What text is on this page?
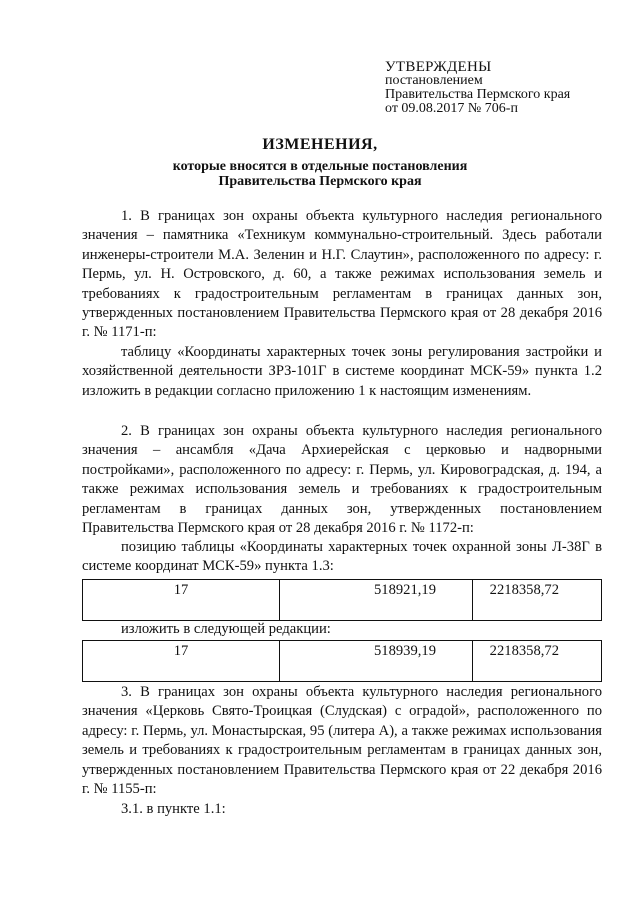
УТВЕРЖДЕНЫ
постановлением
Правительства Пермского края
от 09.08.2017 № 706-п
ИЗМЕНЕНИЯ,
которые вносятся в отдельные постановления
Правительства Пермского края

1. В границах зон охраны объекта культурного наследия регионального значения – памятника «Техникум коммунально-строительный. Здесь работали инженеры-строители М.А. Зеленин и Н.Г. Слаутин», расположенного по адресу: г. Пермь, ул. Н. Островского, д. 60, а также режимах использования земель и требованиях к градостроительным регламентам в границах данных зон, утвержденных постановлением Правительства Пермского края от 28 декабря 2016 г. № 1171-п:

таблицу «Координаты характерных точек зоны регулирования застройки и хозяйственной деятельности ЗРЗ-101Г в системе координат МСК-59» пункта 1.2 изложить в редакции согласно приложению 1 к настоящим изменениям.

2. В границах зон охраны объекта культурного наследия регионального значения – ансамбля «Дача Архиерейская с церковью и надворными постройками», расположенного по адресу: г. Пермь, ул. Кировоградская, д. 194, а также режимах использования земель и требованиях к градостроительным регламентам в границах данных зон, утвержденных постановлением Правительства Пермского края от 28 декабря 2016 г. № 1172-п:

позицию таблицы «Координаты характерных точек охранной зоны Л-38Г в системе координат МСК-59» пункта 1.3:

17	518921,19	2218358,72

изложить в следующей редакции:

17	518939,19	2218358,72

3. В границах зон охраны объекта культурного наследия регионального значения «Церковь Свято-Троицкая (Слудская) с оградой», расположенного по адресу: г. Пермь, ул. Монастырская, 95 (литера А), а также режимах использования земель и требованиях к градостроительным регламентам в границах данных зон, утвержденных постановлением Правительства Пермского края от 22 декабря 2016 г. № 1155-п:

3.1. в пункте 1.1:
